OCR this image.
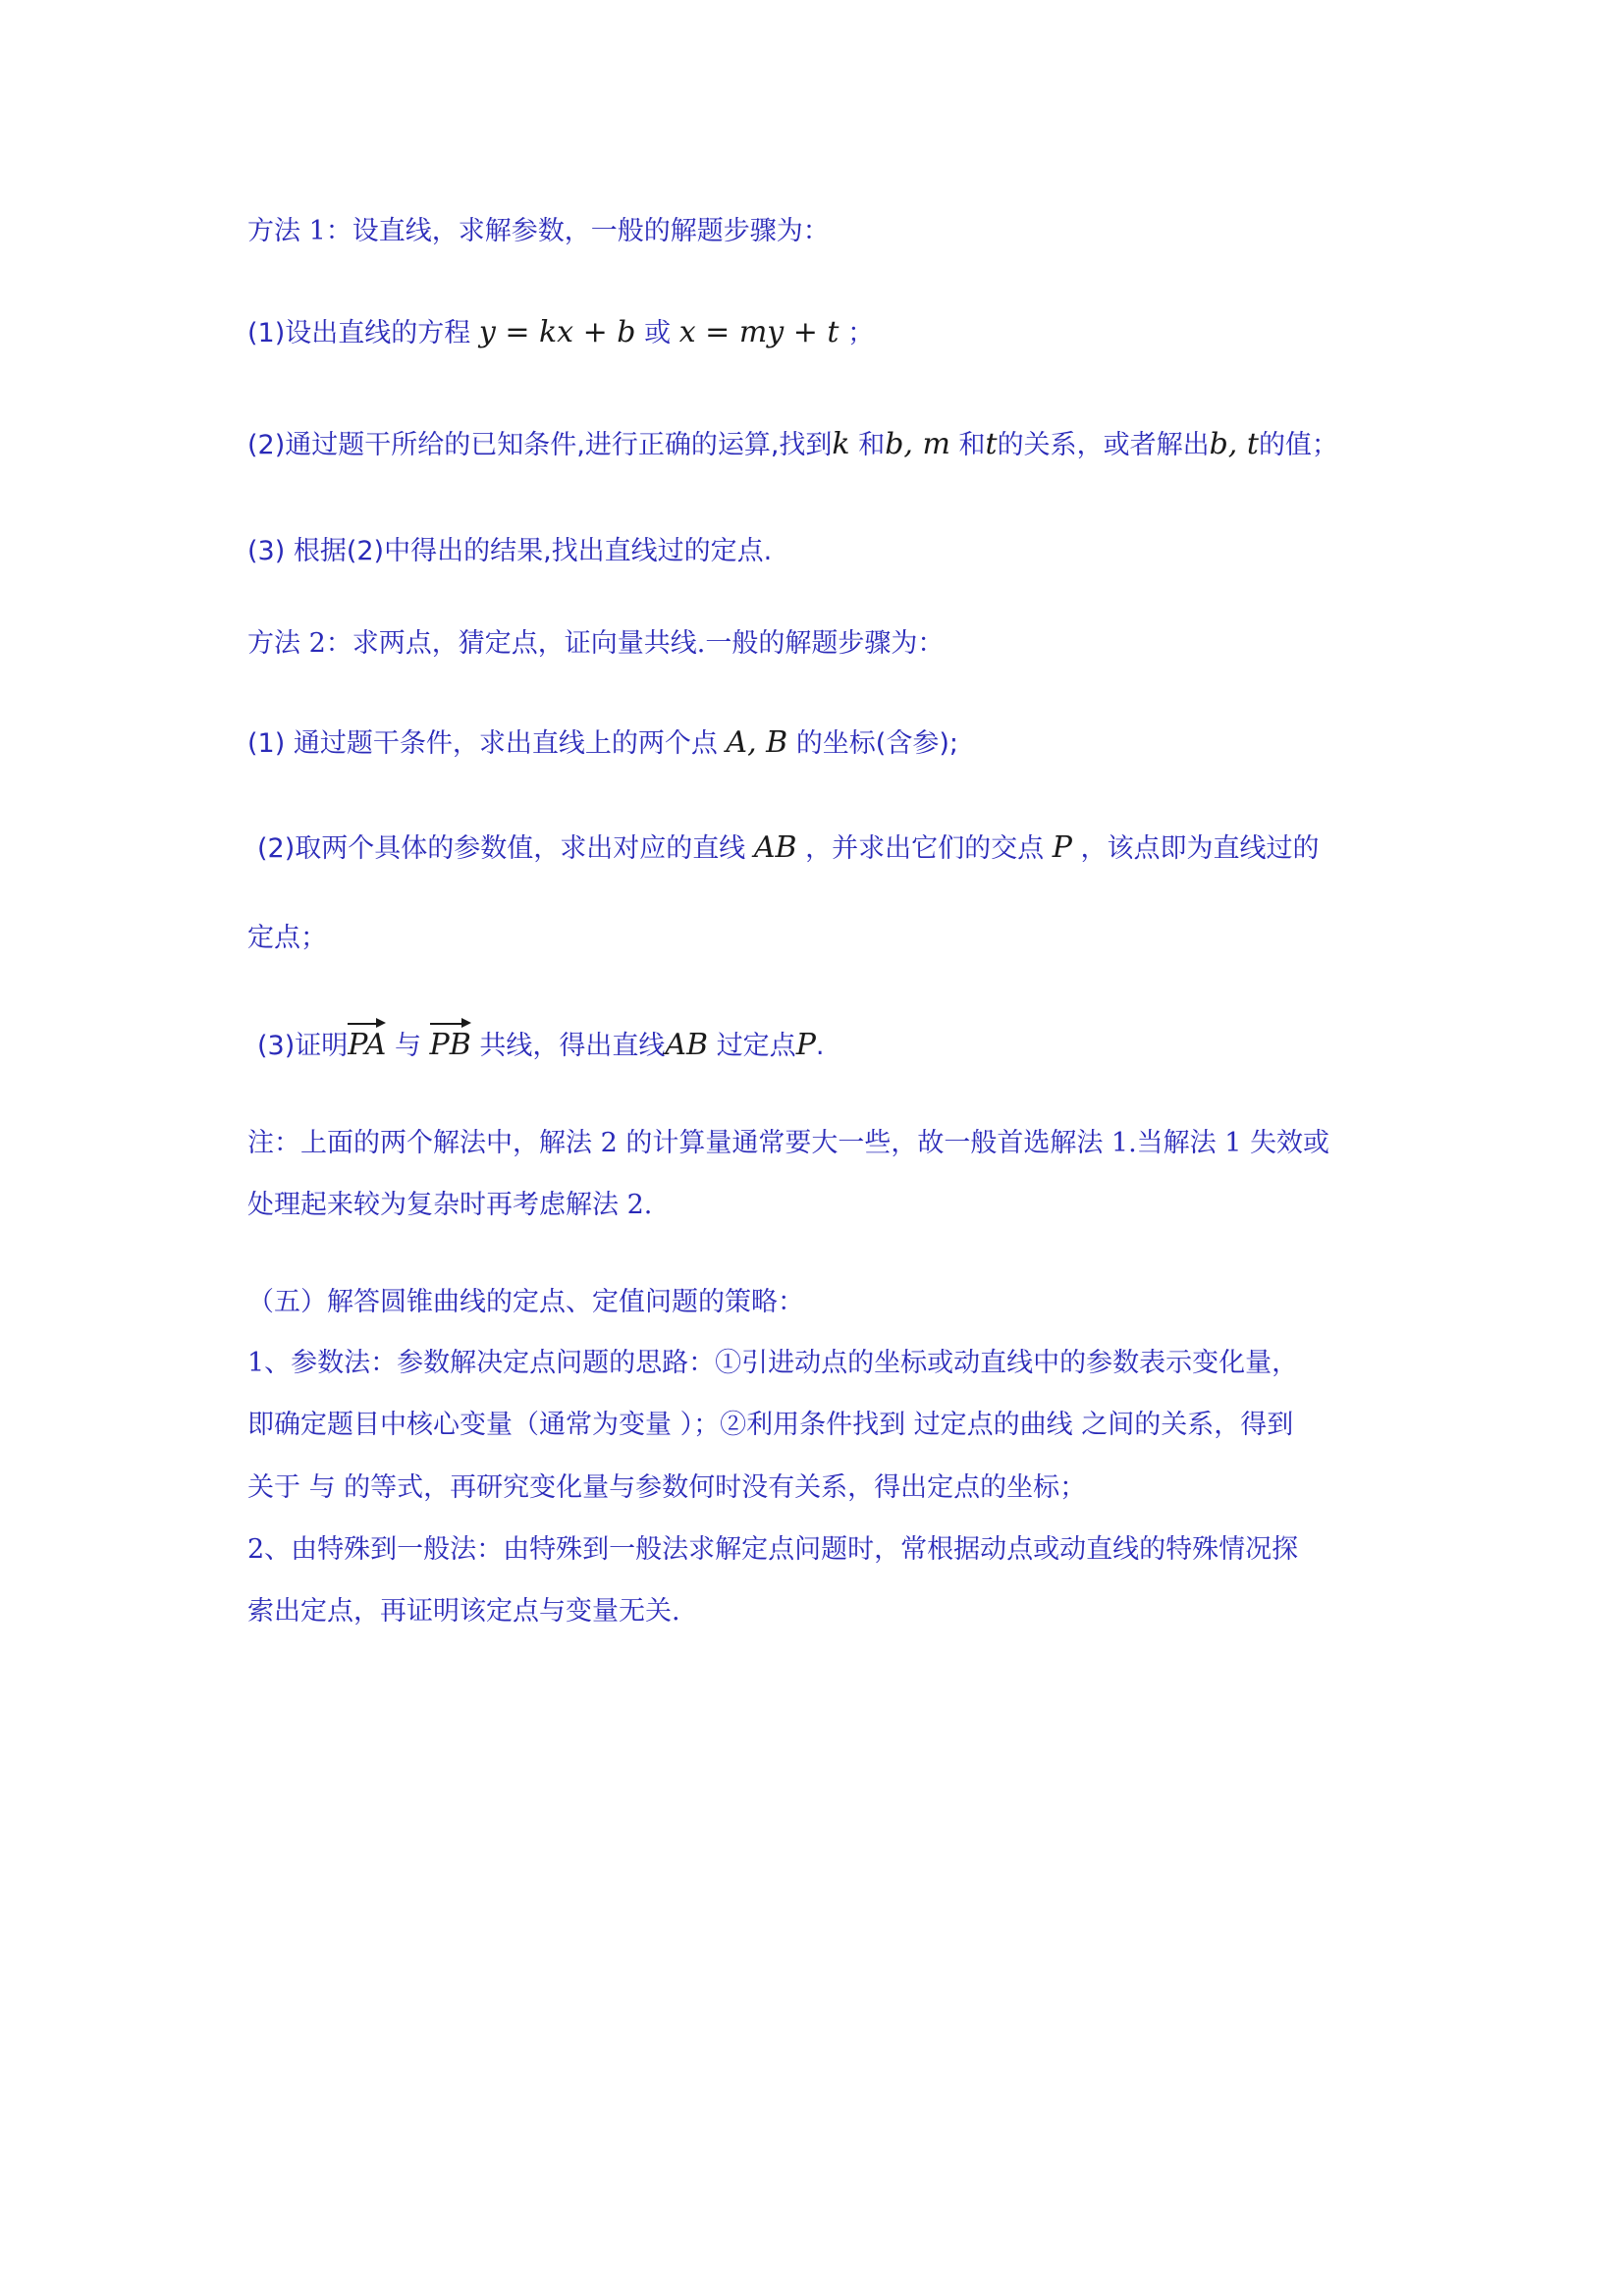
方法 1：设直线，求解参数，一般的解题步骤为：
(1)设出直线的方程 y = kx + b 或 x = my + t ；
(2)通过题干所给的已知条件,进行正确的运算,找到k 和b, m 和t的关系，或者解出b, t的值；
(3) 根据(2)中得出的结果,找出直线过的定点.
方法 2：求两点，猜定点，证向量共线.一般的解题步骤为：
(1) 通过题干条件，求出直线上的两个点 A, B 的坐标(含参);
(2)取两个具体的参数值，求出对应的直线 AB ，并求出它们的交点 P ，该点即为直线过的
定点；
(3)证明PA 与 PB 共线，得出直线AB 过定点P.
注：上面的两个解法中，解法 2 的计算量通常要大一些，故一般首选解法 1.当解法 1 失效或
处理起来较为复杂时再考虑解法 2.
（五）解答圆锥曲线的定点、定值问题的策略：
1、参数法：参数解决定点问题的思路：①引进动点的坐标或动直线中的参数表示变化量，
即确定题目中核心变量（通常为变量 ）；②利用条件找到 过定点的曲线 之间的关系，得到
关于 与 的等式，再研究变化量与参数何时没有关系，得出定点的坐标；
2、由特殊到一般法：由特殊到一般法求解定点问题时，常根据动点或动直线的特殊情况探
索出定点，再证明该定点与变量无关.
